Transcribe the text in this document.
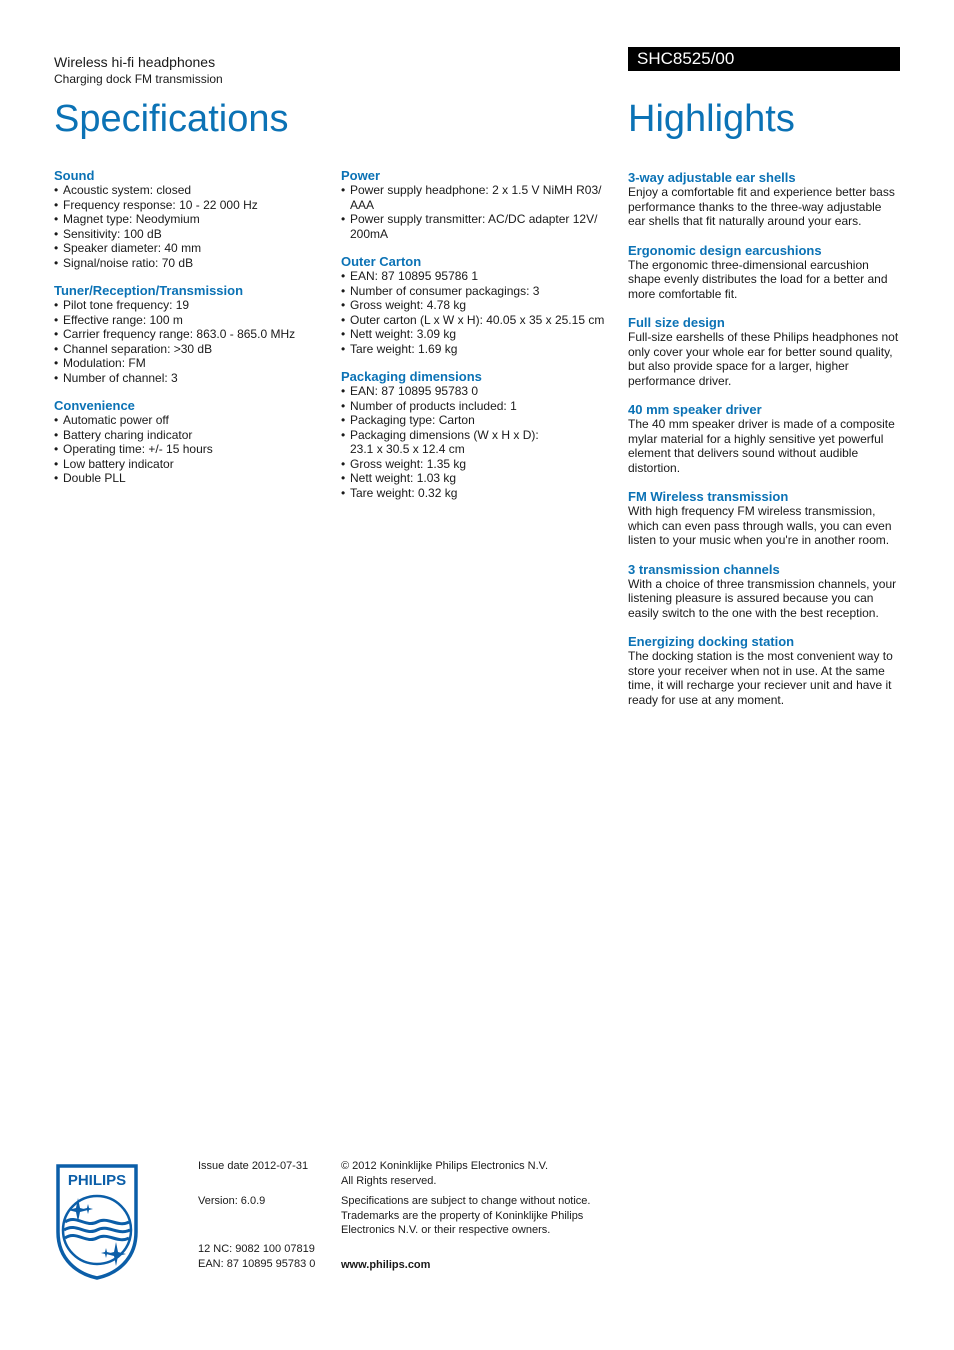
Wireless hi-fi headphones
Charging dock FM transmission
SHC8525/00
Specifications	Highlights
Sound
• Acoustic system: closed
• Frequency response: 10 - 22 000 Hz
• Magnet type: Neodymium
• Sensitivity: 100 dB
• Speaker diameter: 40 mm
• Signal/noise ratio: 70 dB
Tuner/Reception/Transmission
• Pilot tone frequency: 19
• Effective range: 100 m
• Carrier frequency range: 863.0 - 865.0 MHz
• Channel separation: >30 dB
• Modulation: FM
• Number of channel: 3
Convenience
• Automatic power off
• Battery charing indicator
• Operating time: +/- 15 hours
• Low battery indicator
• Double PLL
Power
• Power supply headphone: 2 x 1.5 V NiMH R03/ AAA
• Power supply transmitter: AC/DC adapter 12V/ 200mA
Outer Carton
• EAN: 87 10895 95786 1
• Number of consumer packagings: 3
• Gross weight: 4.78 kg
• Outer carton (L x W x H): 40.05 x 35 x 25.15 cm
• Nett weight: 3.09 kg
• Tare weight: 1.69 kg
Packaging dimensions
• EAN: 87 10895 95783 0
• Number of products included: 1
• Packaging type: Carton
• Packaging dimensions (W x H x D): 23.1 x 30.5 x 12.4 cm
• Gross weight: 1.35 kg
• Nett weight: 1.03 kg
• Tare weight: 0.32 kg
3-way adjustable ear shells

Enjoy a comfortable fit and experience better bass performance thanks to the three-way adjustable ear shells that fit naturally around your ears.

Ergonomic design earcushions

The ergonomic three-dimensional earcushion shape evenly distributes the load for a better and more comfortable fit.

Full size design

Full-size earshells of these Philips headphones not only cover your whole ear for better sound quality, but also provide space for a larger, higher performance driver.

40 mm speaker driver

The 40 mm speaker driver is made of a composite mylar material for a highly sensitive yet powerful element that delivers sound without audible distortion.

FM Wireless transmission

With high frequency FM wireless transmission, which can even pass through walls, you can even listen to your music when you're in another room.

3 transmission channels

With a choice of three transmission channels, your listening pleasure is assured because you can easily switch to the one with the best reception.

Energizing docking station

The docking station is the most convenient way to store your receiver when not in use. At the same time, it will recharge your reciever unit and have it ready for use at any moment.

PHILIPS
Issue date 2012-07-31
Version: 6.0.9
12 NC: 9082 100 07819
EAN: 87 10895 95783 0
© 2012 Koninklijke Philips Electronics N.V.
All Rights reserved.
Specifications are subject to change without notice.
Trademarks are the property of Koninklijke Philips
Electronics N.V. or their respective owners.
www.philips.com
